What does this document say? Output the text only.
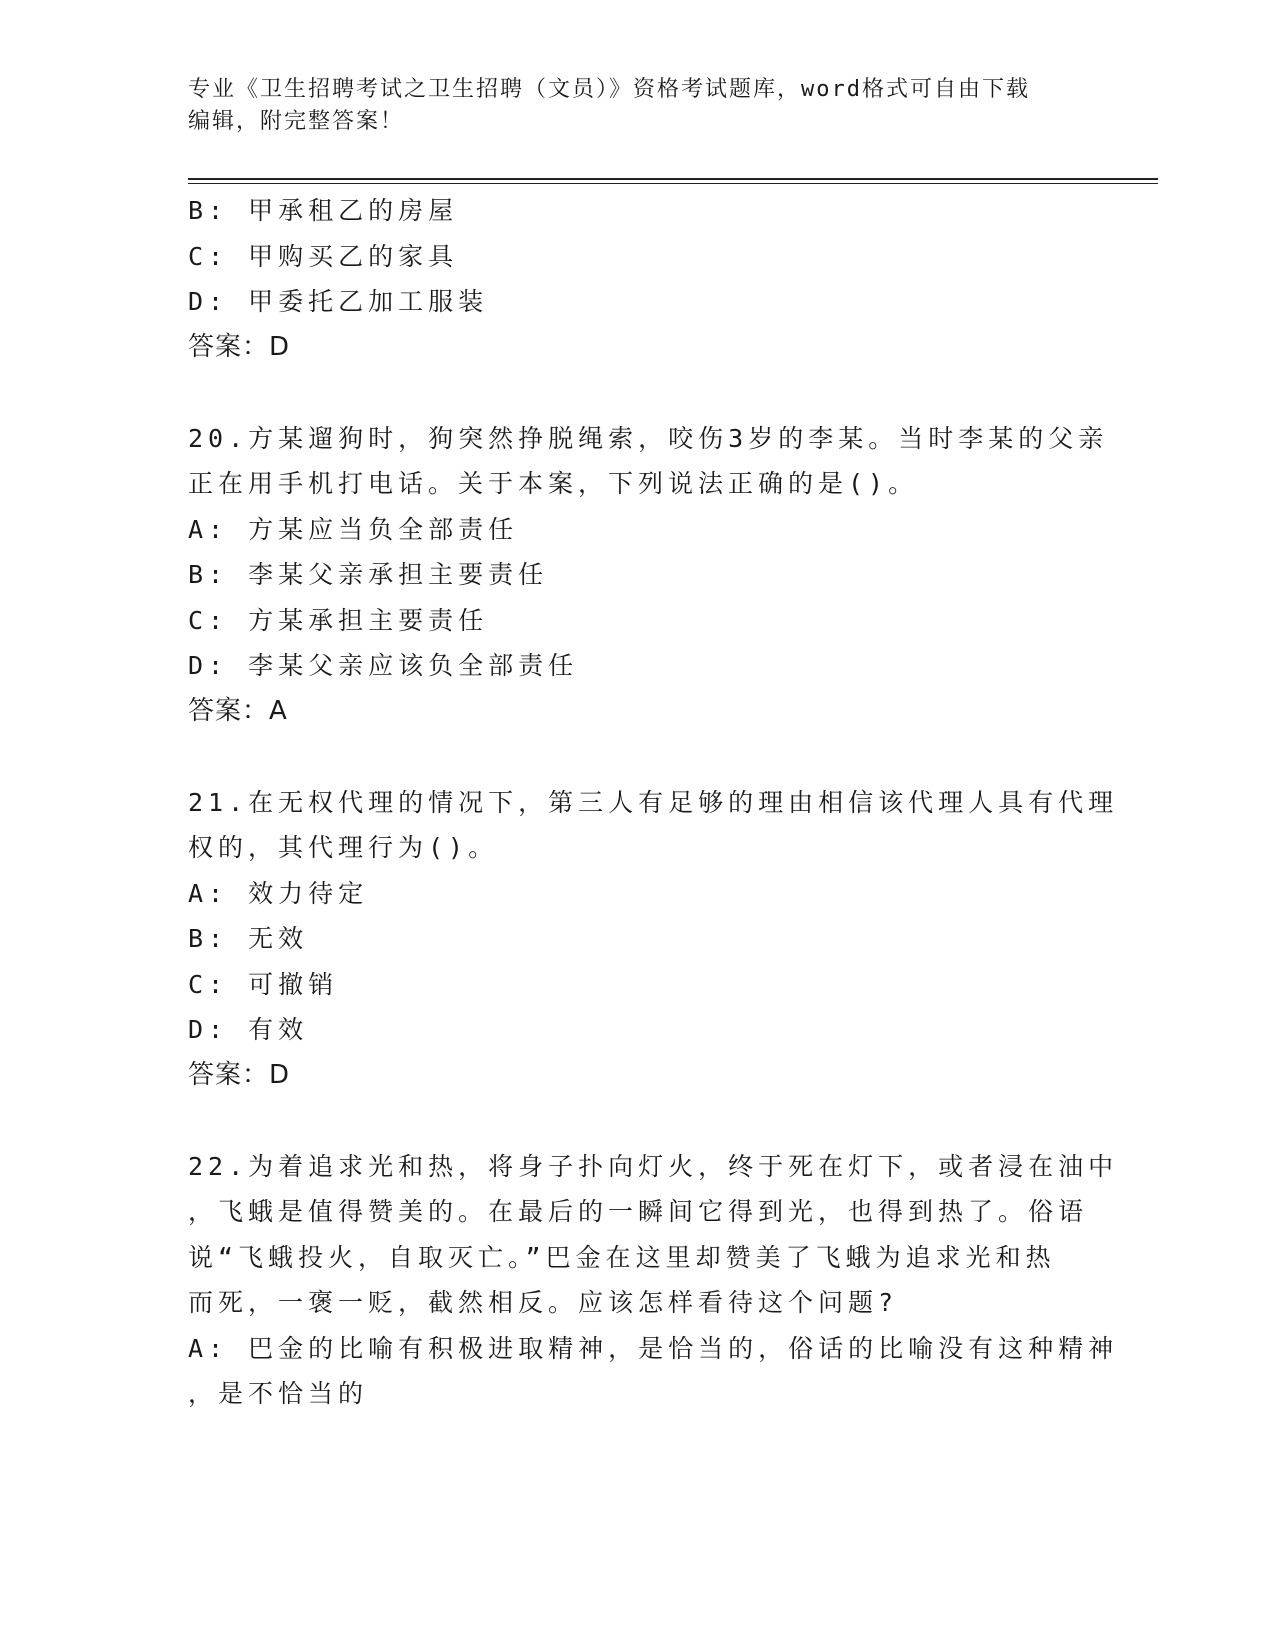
专业《卫生招聘考试之卫生招聘（文员）》资格考试题库，word格式可自由下载
编辑，附完整答案！
B: 甲承租乙的房屋
C: 甲购买乙的家具
D: 甲委托乙加工服装
答案：D
20.方某遛狗时，狗突然挣脱绳索，咬伤3岁的李某。当时李某的父亲
正在用手机打电话。关于本案，下列说法正确的是()。
A: 方某应当负全部责任
B: 李某父亲承担主要责任
C: 方某承担主要责任
D: 李某父亲应该负全部责任
答案：A
21.在无权代理的情况下，第三人有足够的理由相信该代理人具有代理
权的，其代理行为()。
A: 效力待定
B: 无效
C: 可撤销
D: 有效
答案：D
22.为着追求光和热，将身子扑向灯火，终于死在灯下，或者浸在油中
，飞蛾是值得赞美的。在最后的一瞬间它得到光，也得到热了。俗语
说“飞蛾投火，自取灭亡。”巴金在这里却赞美了飞蛾为追求光和热
而死，一褒一贬，截然相反。应该怎样看待这个问题?
A: 巴金的比喻有积极进取精神，是恰当的，俗话的比喻没有这种精神
，是不恰当的
